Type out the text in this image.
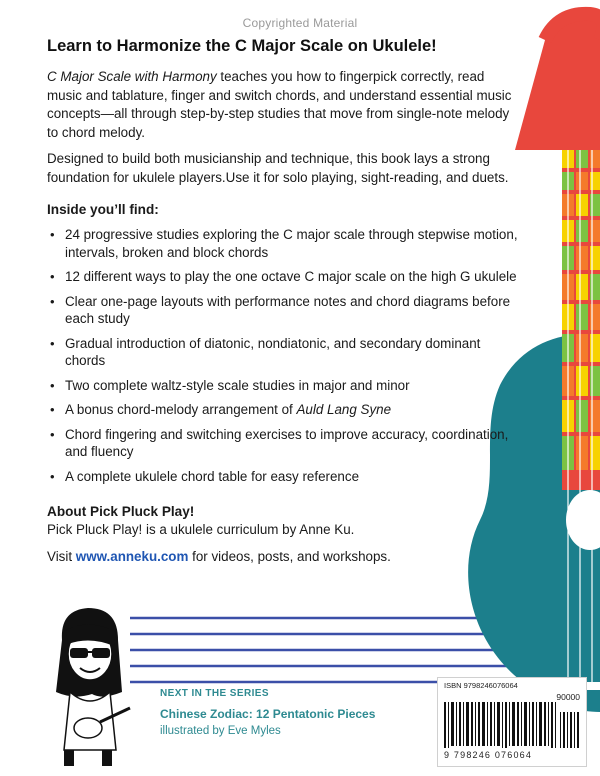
Copyrighted Material
Learn to Harmonize the C Major Scale on Ukulele!

C Major Scale with Harmony teaches you how to fingerpick correctly, read music and tablature, finger and switch chords, and understand essential music concepts—all through step-by-step studies that move from single-note melody to chord melody.

Designed to build both musicianship and technique, this book lays a strong foundation for ukulele players.Use it for solo playing, sight-reading, and duets.

Inside you’ll find:
• 24 progressive studies exploring the C major scale through stepwise motion, intervals, broken and block chords
• 12 different ways to play the one octave C major scale on the high G ukulele
• Clear one-page layouts with performance notes and chord diagrams before each study
• Gradual introduction of diatonic, nondiatonic, and secondary dominant chords
• Two complete waltz-style scale studies in major and minor
• A bonus chord-melody arrangement of Auld Lang Syne
• Chord fingering and switching exercises to improve accuracy, coordination, and fluency
• A complete ukulele chord table for easy reference
About Pick Pluck Play!

Pick Pluck Play! is a ukulele curriculum by Anne Ku.

Visit www.anneku.com for videos, posts, and workshops.

NEXT IN THE SERIES
Chinese Zodiac: 12 Pentatonic Pieces
illustrated by Eve Myles
ISBN 9798246076064
90000
9 798246 076064
